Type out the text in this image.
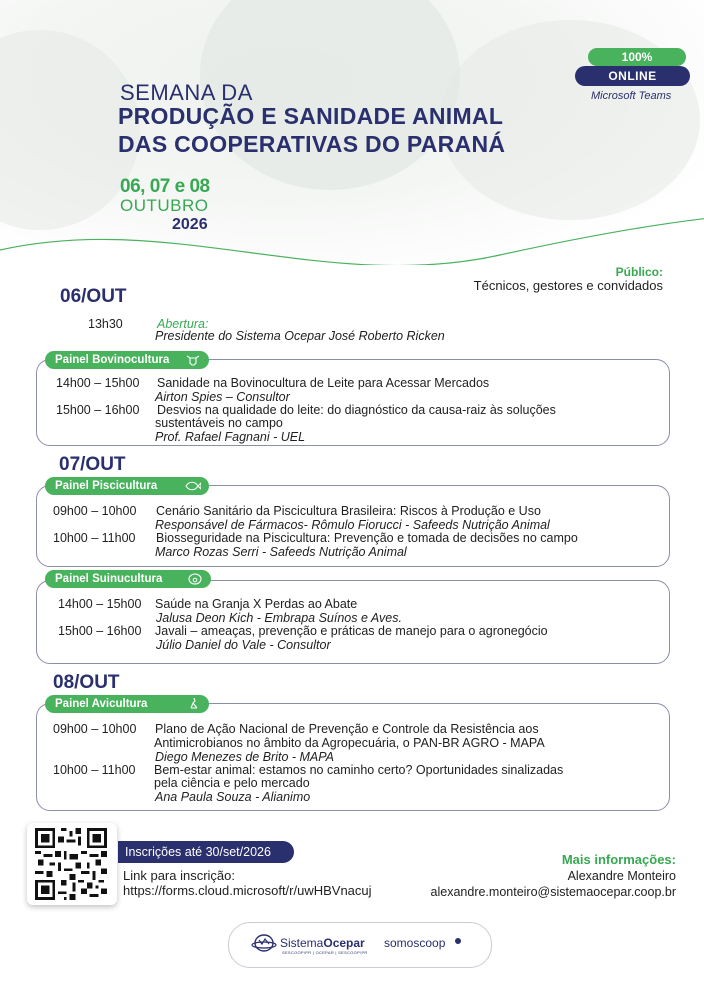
SEMANA DA
PRODUÇÃO E SANIDADE ANIMAL
DAS COOPERATIVAS DO PARANÁ
06, 07 e 08
OUTUBRO
2026
100%
ONLINE
Microsoft Teams
Público:
Técnicos, gestores e convidados
06/OUT
13h30	Abertura:
Presidente do Sistema Ocepar José Roberto Ricken
Painel Bovinocultura
14h00 – 15h00 Sanidade na Bovinocultura de Leite para Acessar Mercados
Airton Spies – Consultor
15h00 – 16h00 Desvios na qualidade do leite: do diagnóstico da causa-raiz às soluções
sustentáveis no campo
Prof. Rafael Fagnani - UEL
07/OUT
Painel Piscicultura
09h00 – 10h00 Cenário Sanitário da Piscicultura Brasileira: Riscos à Produção e Uso
Responsável de Fármacos- Rômulo Fiorucci - Safeeds Nutrição Animal
10h00 – 11h00 Biosseguridade na Piscicultura: Prevenção e tomada de decisões no campo
Marco Rozas Serri - Safeeds Nutrição Animal
Painel Suinucultura
14h00 – 15h00 Saúde na Granja X Perdas ao Abate
Jalusa Deon Kich - Embrapa Suínos e Aves.
15h00 – 16h00 Javali – ameaças, prevenção e práticas de manejo para o agronegócio
Júlio Daniel do Vale - Consultor
08/OUT
Painel Avicultura
09h00 – 10h00 Plano de Ação Nacional de Prevenção e Controle da Resistência aos
Antimicrobianos no âmbito da Agropecuária, o PAN-BR AGRO - MAPA
Diego Menezes de Brito - MAPA
10h00 – 11h00 Bem-estar animal: estamos no caminho certo? Oportunidades sinalizadas
pela ciência e pelo mercado
Ana Paula Souza - Alianimo
Inscrições até 30/set/2026
Link para inscrição:
https://forms.cloud.microsoft/r/uwHBVnacuj
Mais informações:
Alexandre Monteiro
alexandre.monteiro@sistemaocepar.coop.br
SistemaOcepar
SESCOOP/PR | OCEPAR | SESCOOP/PR
somoscoop
